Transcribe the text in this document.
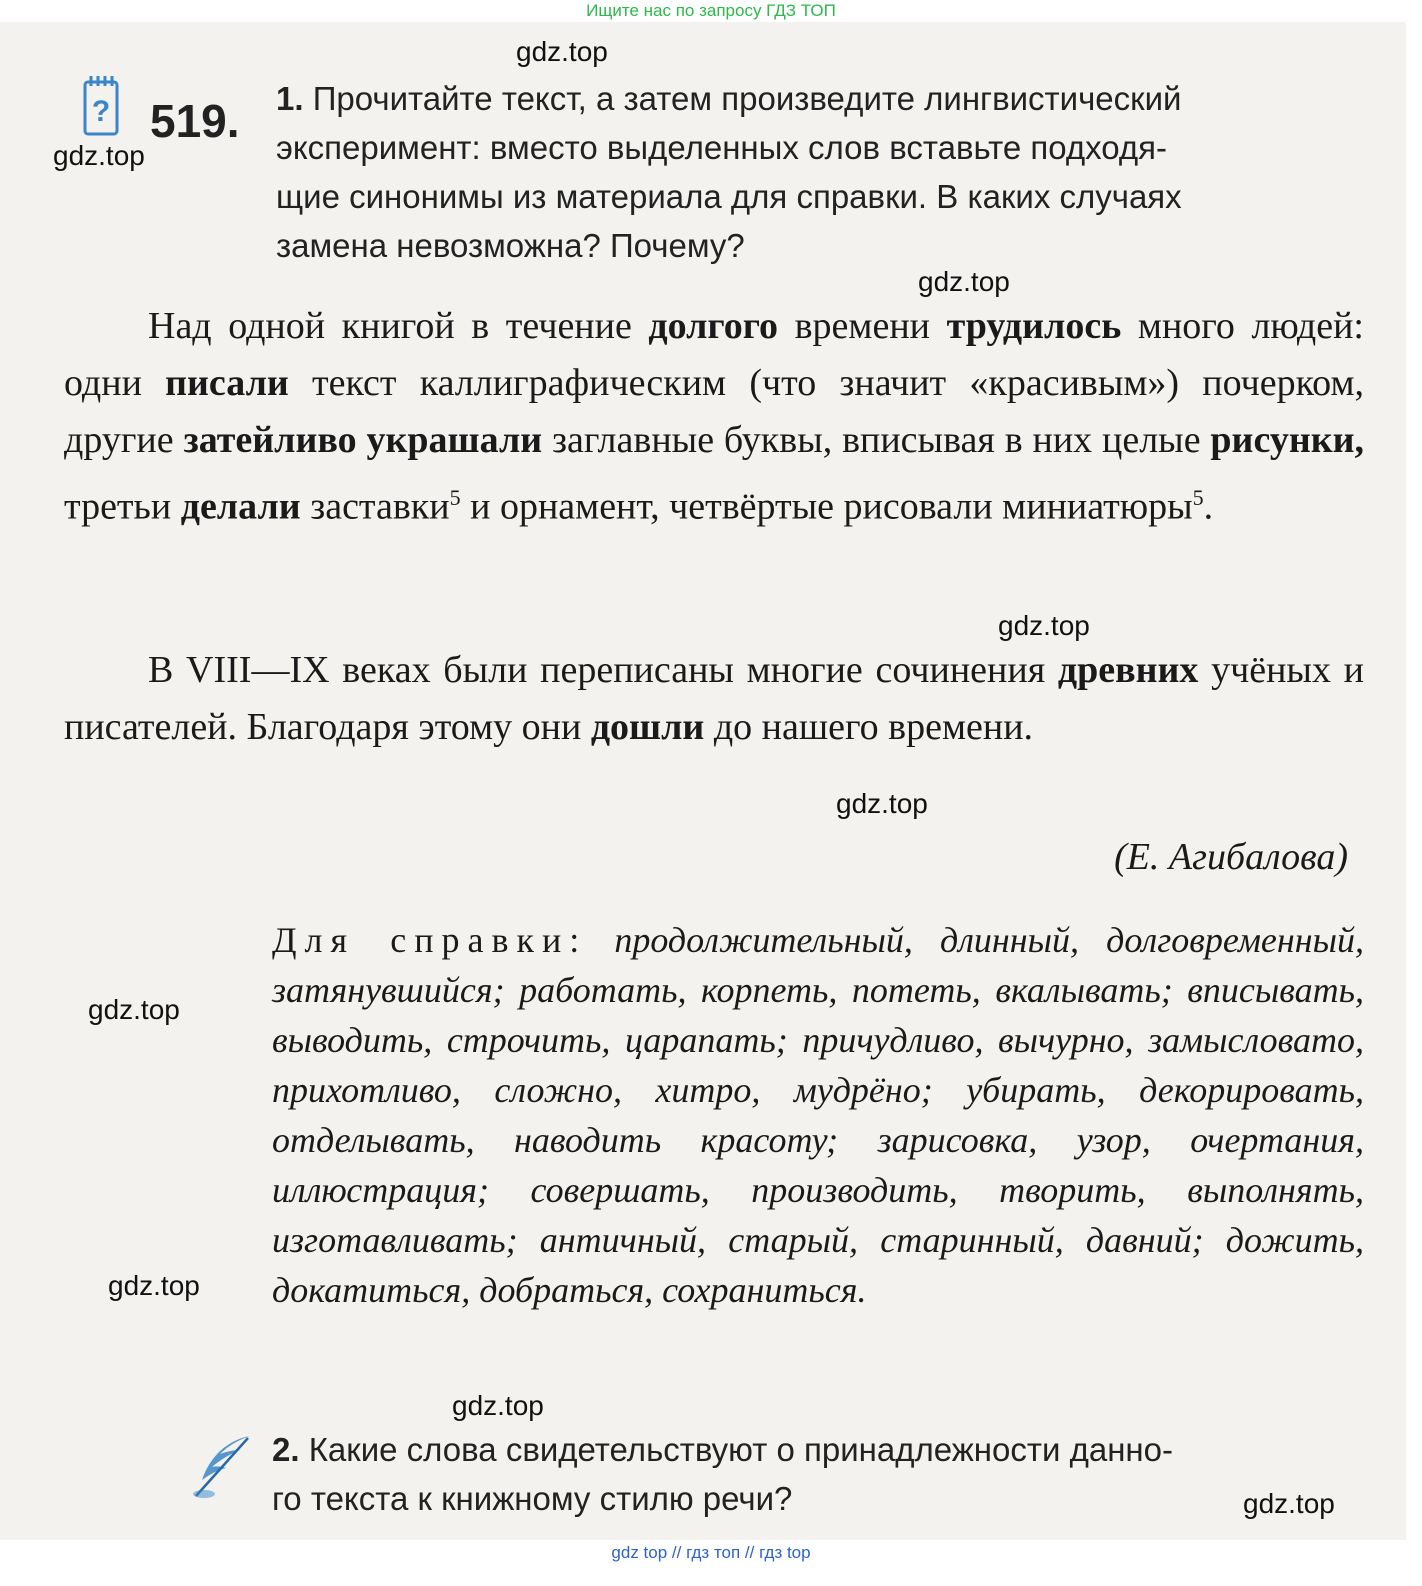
Ищите нас по запросу ГДЗ ТОП
? 519. 1. Прочитайте текст, а затем произведите лингвистический
эксперимент: вместо выделенных слов вставьте подходя-
щие синонимы из материала для справки. В каких случаях
замена невозможна? Почему?
Над одной книгой в течение долгого времени трудилось много людей: одни писали текст каллиграфическим (что значит «красивым») почерком, другие затейливо украшали заглавные буквы, вписывая в них целые рисунки, третьи делали заставки$^5$ и орнамент, четвёртые рисовали миниатюры$^5$.
В VIII—IX веках были переписаны многие сочинения древних учёных и писателей. Благодаря этому они дошли до нашего времени.
(Е. Агибалова)
Для справки: продолжительный, длинный, долговременный, затянувшийся; работать, корпеть, потеть, вкалывать; вписывать, выводить, строчить, царапать; причудливо, вычурно, замысловато, прихотливо, сложно, хитро, мудрёно; убирать, декорировать, отделывать, наводить красоту; зарисовка, узор, очертания, иллюстрация; совершать, производить, творить, выполнять, изготавливать; античный, старый, старинный, давний; дожить, докатиться, добраться, сохраниться.
2. Какие слова свидетельствуют о принадлежности данно-
го текста к книжному стилю речи?
gdz.top
gdz.top
gdz.top
gdz.top
gdz.top
gdz.top
gdz.top
gdz.top
gdz.top
gdz top // гдз топ // гдз top
